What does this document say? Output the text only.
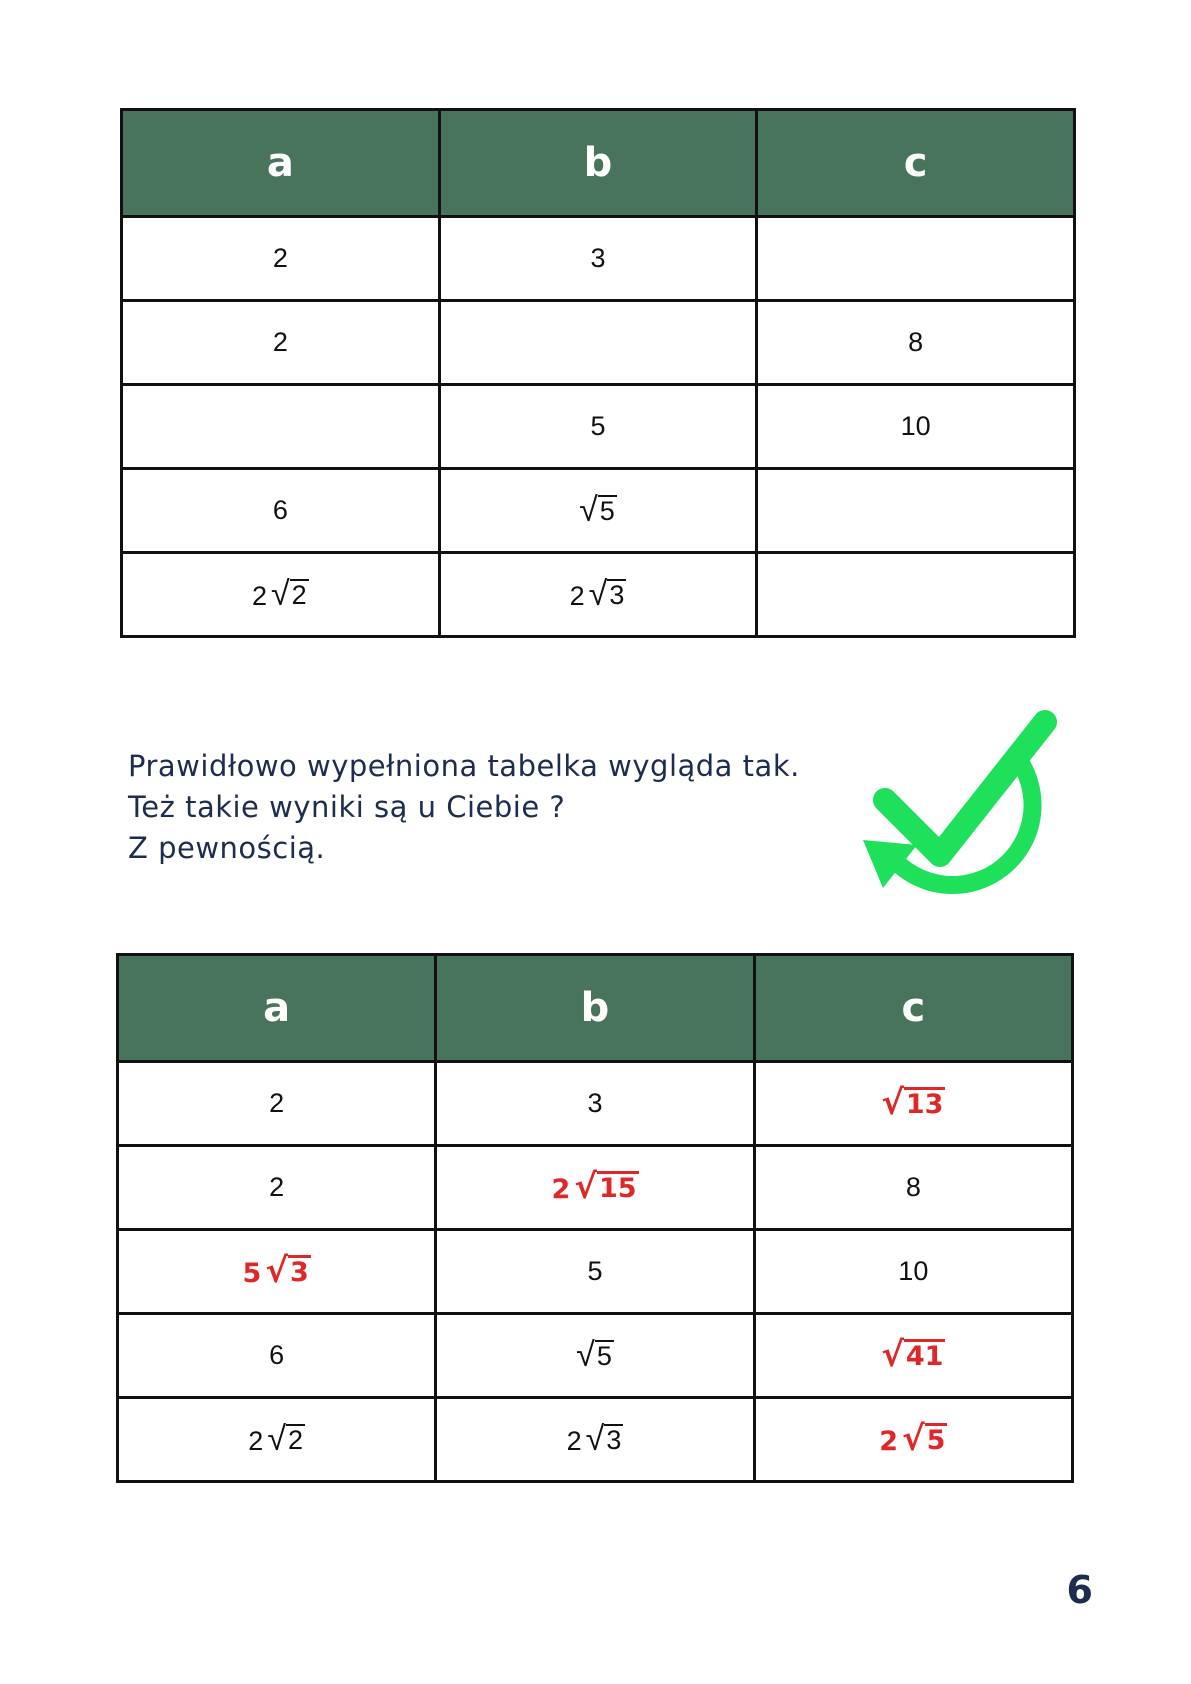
a	b	c

2	3	

2		8

	5	10

6	√ 5	

2 √ 2	2 √ 3	

Prawidłowo wypełniona tabelka wygląda tak.

Też takie wyniki są u Ciebie ?

Z pewnością.

a	b	c

2	3	√ 13

2	2 √ 15	8

5 √ 3	5	10

6	√ 5	√ 41

2 √ 2	2 √ 3	2 √ 5
6
